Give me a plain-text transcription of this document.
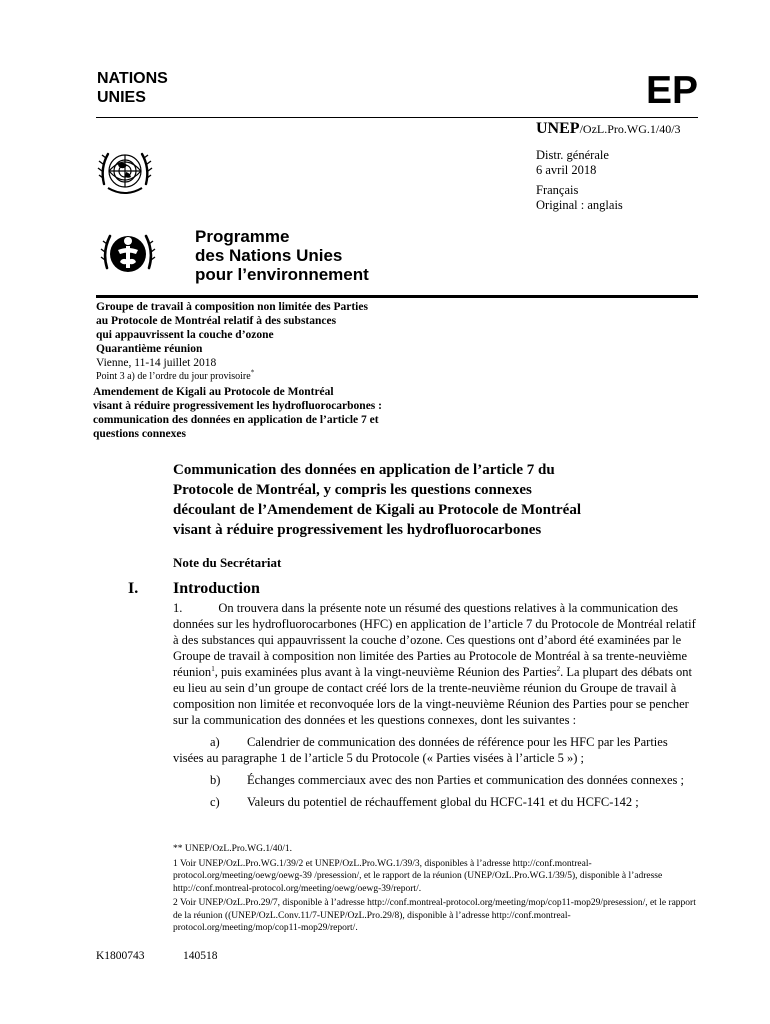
NATIONS
UNIES	EP
UNEP/OzL.Pro.WG.1/40/3
Distr. générale
6 avril 2018
Français
Original : anglais
Programme
des Nations Unies
pour l’environnement
Groupe de travail à composition non limitée des Parties
au Protocole de Montréal relatif à des substances
qui appauvrissent la couche d’ozone
Quarantième réunion
Vienne, 11-14 juillet 2018
Point 3 a) de l’ordre du jour provisoire*
Amendement de Kigali au Protocole de Montréal
visant à réduire progressivement les hydrofluorocarbones :
communication des données en application de l’article 7 et
questions connexes
Communication des données en application de l’article 7 du
Protocole de Montréal, y compris les questions connexes
découlant de l’Amendement de Kigali au Protocole de Montréal
visant à réduire progressivement les hydrofluorocarbones
Note du Secrétariat
I. Introduction

1.	On trouvera dans la présente note un résumé des questions relatives à la communication des données sur les hydrofluorocarbones (HFC) en application de l’article 7 du Protocole de Montréal relatif à des substances qui appauvrissent la couche d’ozone. Ces questions ont d’abord été examinées par le Groupe de travail à composition non limitée des Parties au Protocole de Montréal à sa trente-neuvième réunion$^1$, puis examinées plus avant à la vingt-neuvième Réunion des Parties$^2$. La plupart des débats ont eu lieu au sein d’un groupe de contact créé lors de la trente-neuvième réunion du Groupe de travail à composition non limitée et reconvoquée lors de la vingt-neuvième Réunion des Parties pour se pencher sur la communication des données et les questions connexes, dont les suivantes :

a) Calendrier de communication des données de référence pour les HFC par les Parties visées au paragraphe 1 de l’article 5 du Protocole (« Parties visées à l’article 5 ») ;

b) Échanges commerciaux avec des non Parties et communication des données connexes ;

c) Valeurs du potentiel de réchauffement global du HCFC-141 et du HCFC-142 ;

** UNEP/OzL.Pro.WG.1/40/1.

1 Voir UNEP/OzL.Pro.WG.1/39/2 et UNEP/OzL.Pro.WG.1/39/3, disponibles à l’adresse http://conf.montreal-protocol.org/meeting/oewg/oewg-39 /presession/, et le rapport de la réunion (UNEP/OzL.Pro.WG.1/39/5), disponible à l’adresse http://conf.montreal-protocol.org/meeting/oewg/oewg-39/report/.

2 Voir UNEP/OzL.Pro.29/7, disponible à l’adresse http://conf.montreal-protocol.org/meeting/mop/cop11-mop29/presession/, et le rapport de la réunion ((UNEP/OzL.Conv.11/7-UNEP/OzL.Pro.29/8), disponible à l’adresse http://conf.montreal-protocol.org/meeting/mop/cop11-mop29/report/.

K1800743	140518
